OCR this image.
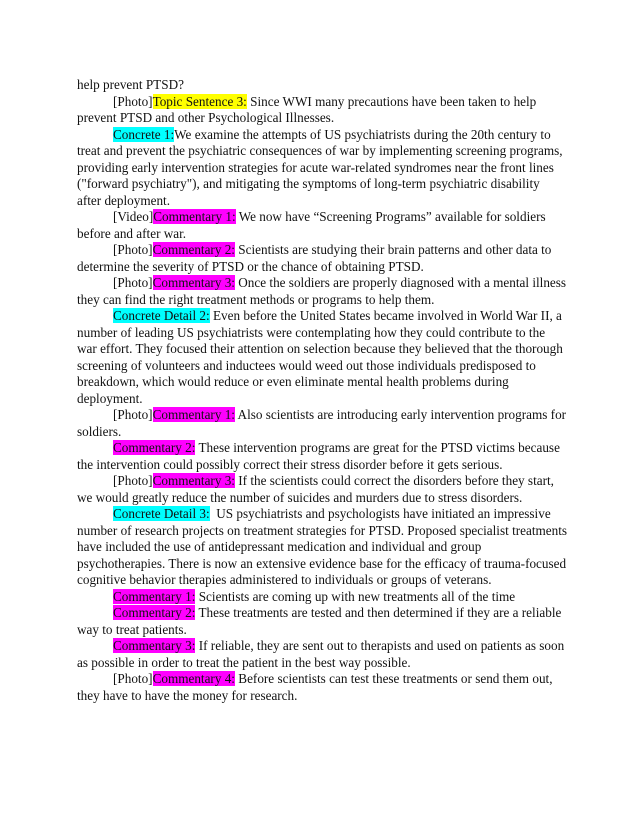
help prevent PTSD?

[Photo]Topic Sentence 3: Since WWI many precautions have been taken to help prevent PTSD and other Psychological Illnesses.

Concrete 1:We examine the attempts of US psychiatrists during the 20th century to treat and prevent the psychiatric consequences of war by implementing screening programs, providing early intervention strategies for acute war-related syndromes near the front lines ("forward psychiatry"), and mitigating the symptoms of long-term psychiatric disability after deployment.

[Video]Commentary 1: We now have “Screening Programs” available for soldiers before and after war.

[Photo]Commentary 2: Scientists are studying their brain patterns and other data to determine the severity of PTSD or the chance of obtaining PTSD.

[Photo]Commentary 3: Once the soldiers are properly diagnosed with a mental illness they can find the right treatment methods or programs to help them.

Concrete Detail 2: Even before the United States became involved in World War II, a number of leading US psychiatrists were contemplating how they could contribute to the war effort. They focused their attention on selection because they believed that the thorough screening of volunteers and inductees would weed out those individuals predisposed to breakdown, which would reduce or even eliminate mental health problems during deployment.

[Photo]Commentary 1: Also scientists are introducing early intervention programs for soldiers.

Commentary 2: These intervention programs are great for the PTSD victims because the intervention could possibly correct their stress disorder before it gets serious.

[Photo]Commentary 3: If the scientists could correct the disorders before they start, we would greatly reduce the number of suicides and murders due to stress disorders.

Concrete Detail 3:  US psychiatrists and psychologists have initiated an impressive number of research projects on treatment strategies for PTSD. Proposed specialist treatments have included the use of antidepressant medication and individual and group psychotherapies. There is now an extensive evidence base for the efficacy of trauma-focused cognitive behavior therapies administered to individuals or groups of veterans.

Commentary 1: Scientists are coming up with new treatments all of the time

Commentary 2: These treatments are tested and then determined if they are a reliable way to treat patients.

Commentary 3: If reliable, they are sent out to therapists and used on patients as soon as possible in order to treat the patient in the best way possible.

[Photo]Commentary 4: Before scientists can test these treatments or send them out, they have to have the money for research.
